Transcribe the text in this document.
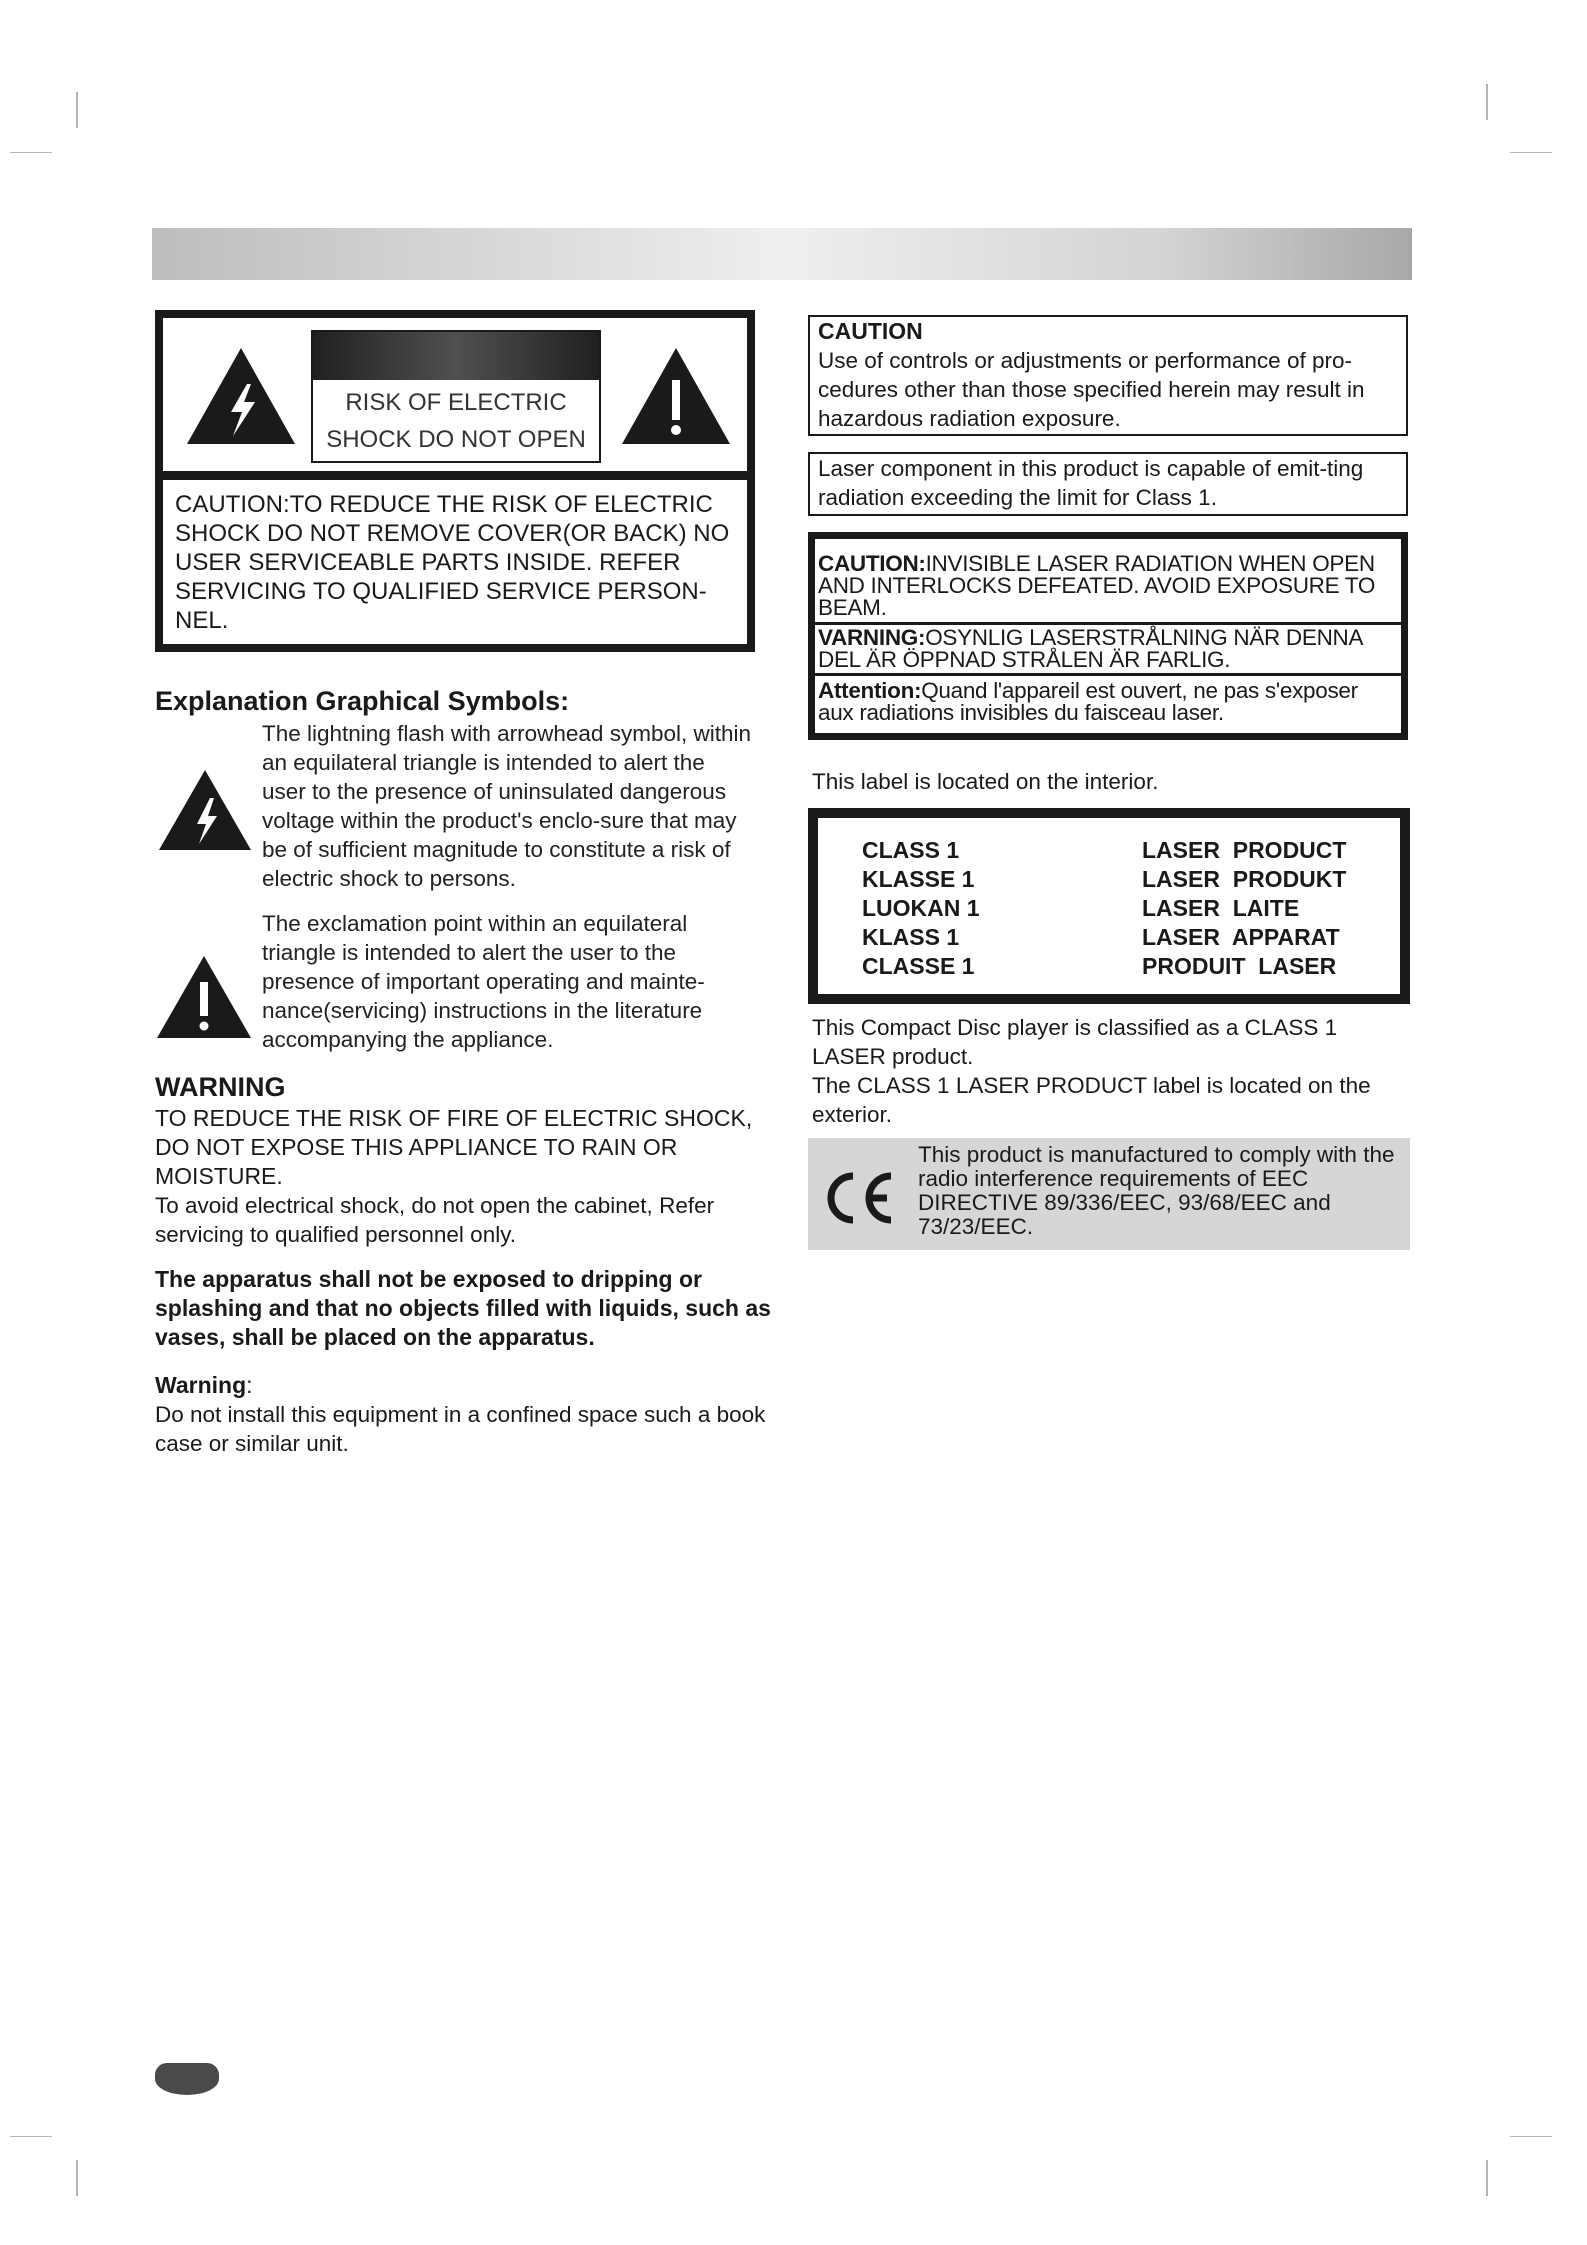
RISK OF ELECTRIC
SHOCK DO NOT OPEN
CAUTION:TO REDUCE THE RISK OF ELECTRIC SHOCK DO NOT REMOVE COVER(OR BACK) NO USER SERVICEABLE PARTS INSIDE. REFER SERVICING TO QUALIFIED SERVICE PERSON-NEL.
Explanation Graphical Symbols:
The lightning flash with arrowhead symbol, within an equilateral triangle is intended to alert the user to the presence of uninsulated dangerous voltage within the product's enclo-sure that may be of sufficient magnitude to constitute a risk of electric shock to persons.
The exclamation point within an equilateral triangle is intended to alert the user to the presence of important operating and mainte-nance(servicing) instructions in the literature accompanying the appliance.
WARNING
TO REDUCE THE RISK OF FIRE OF ELECTRIC SHOCK, DO NOT EXPOSE THIS APPLIANCE TO RAIN OR MOISTURE.
To avoid electrical shock, do not open the cabinet, Refer servicing to qualified personnel only.
The apparatus shall not be exposed to dripping or splashing and that no objects filled with liquids, such as vases, shall be placed on the apparatus.
Warning:
Do not install this equipment in a confined space such a book case or similar unit.
CAUTION
Use of controls or adjustments or performance of pro-cedures other than those specified herein may result in hazardous radiation exposure.
Laser component in this product is capable of emit-ting radiation exceeding the limit for Class 1.
CAUTION:INVISIBLE LASER RADIATION WHEN OPEN AND INTERLOCKS DEFEATED. AVOID EXPOSURE TO BEAM.
VARNING:OSYNLIG LASERSTRÅLNING NÄR DENNA DEL ÄR ÖPPNAD STRÅLEN ÄR FARLIG.
Attention:Quand l'appareil est ouvert, ne pas s'exposer aux radiations invisibles du faisceau laser.
This label is located on the interior.
CLASS 1
KLASSE 1
LUOKAN 1
KLASS 1
CLASSE 1
LASER  PRODUCT
LASER  PRODUKT
LASER  LAITE
LASER  APPARAT
PRODUIT  LASER
This Compact Disc player is classified as a CLASS 1 LASER product.
The CLASS 1 LASER PRODUCT label is located on the exterior.
This product is manufactured to comply with the radio interference requirements of EEC DIRECTIVE 89/336/EEC, 93/68/EEC and 73/23/EEC.
